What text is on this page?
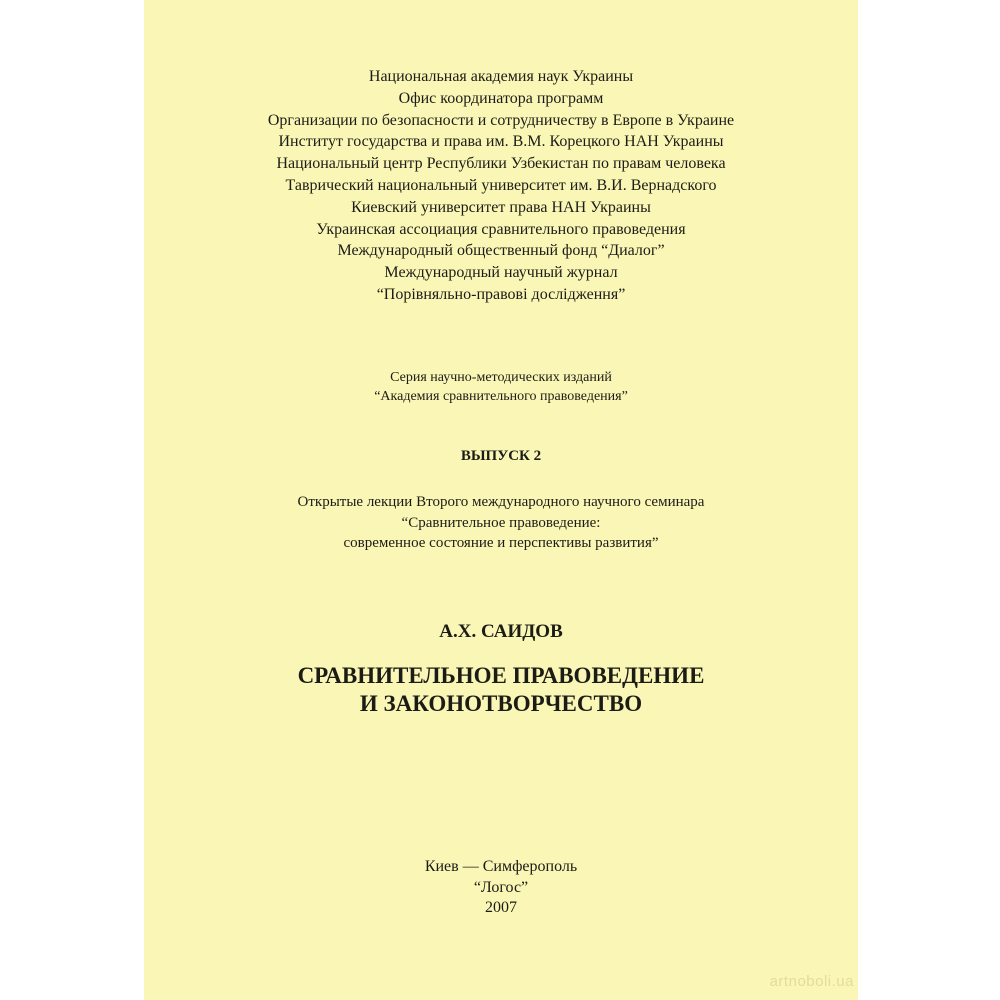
Национальная академия наук Украины
Офис координатора программ
Организации по безопасности и сотрудничеству в Европе в Украине
Институт государства и права им. В.М. Корецкого НАН Украины
Национальный центр Республики Узбекистан по правам человека
Таврический национальный университет им. В.И. Вернадского
Киевский университет права НАН Украины
Украинская ассоциация сравнительного правоведения
Международный общественный фонд “Диалог”
Международный научный журнал
“Порівняльно-правові дослідження”
Серия научно-методических изданий
“Академия сравнительного правоведения”
ВЫПУСК 2
Открытые лекции Второго международного научного семинара
“Сравнительное правоведение:
современное состояние и перспективы развития”
А.Х. САИДОВ
СРАВНИТЕЛЬНОЕ ПРАВОВЕДЕНИЕ
И ЗАКОНОТВОРЧЕСТВО
Киев — Симферополь
“Логос”
2007
artnoboli.ua
